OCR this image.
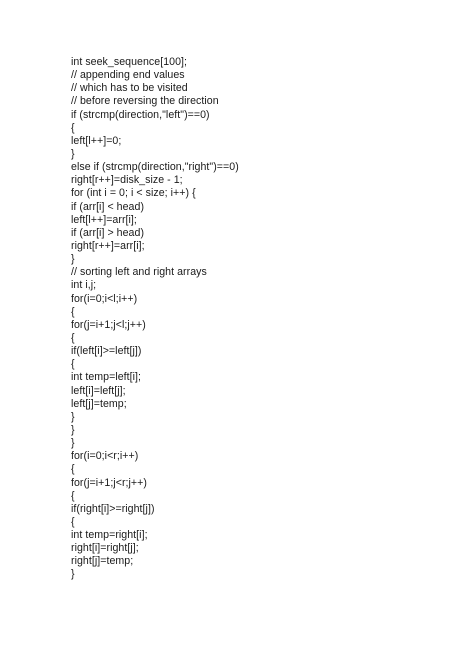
int seek_sequence[100];
// appending end values
// which has to be visited
// before reversing the direction
if (strcmp(direction,"left")==0)
{
left[l++]=0;
}
else if (strcmp(direction,"right")==0)
right[r++]=disk_size - 1;
for (int i = 0; i < size; i++) {
if (arr[i] < head)
left[l++]=arr[i];
if (arr[i] > head)
right[r++]=arr[i];
}
// sorting left and right arrays
int i,j;
for(i=0;i<l;i++)
{
for(j=i+1;j<l;j++)
{
if(left[i]>=left[j])
{
int temp=left[i];
left[i]=left[j];
left[j]=temp;
}
}
}
for(i=0;i<r;i++)
{
for(j=i+1;j<r;j++)
{
if(right[i]>=right[j])
{
int temp=right[i];
right[i]=right[j];
right[j]=temp;
}
